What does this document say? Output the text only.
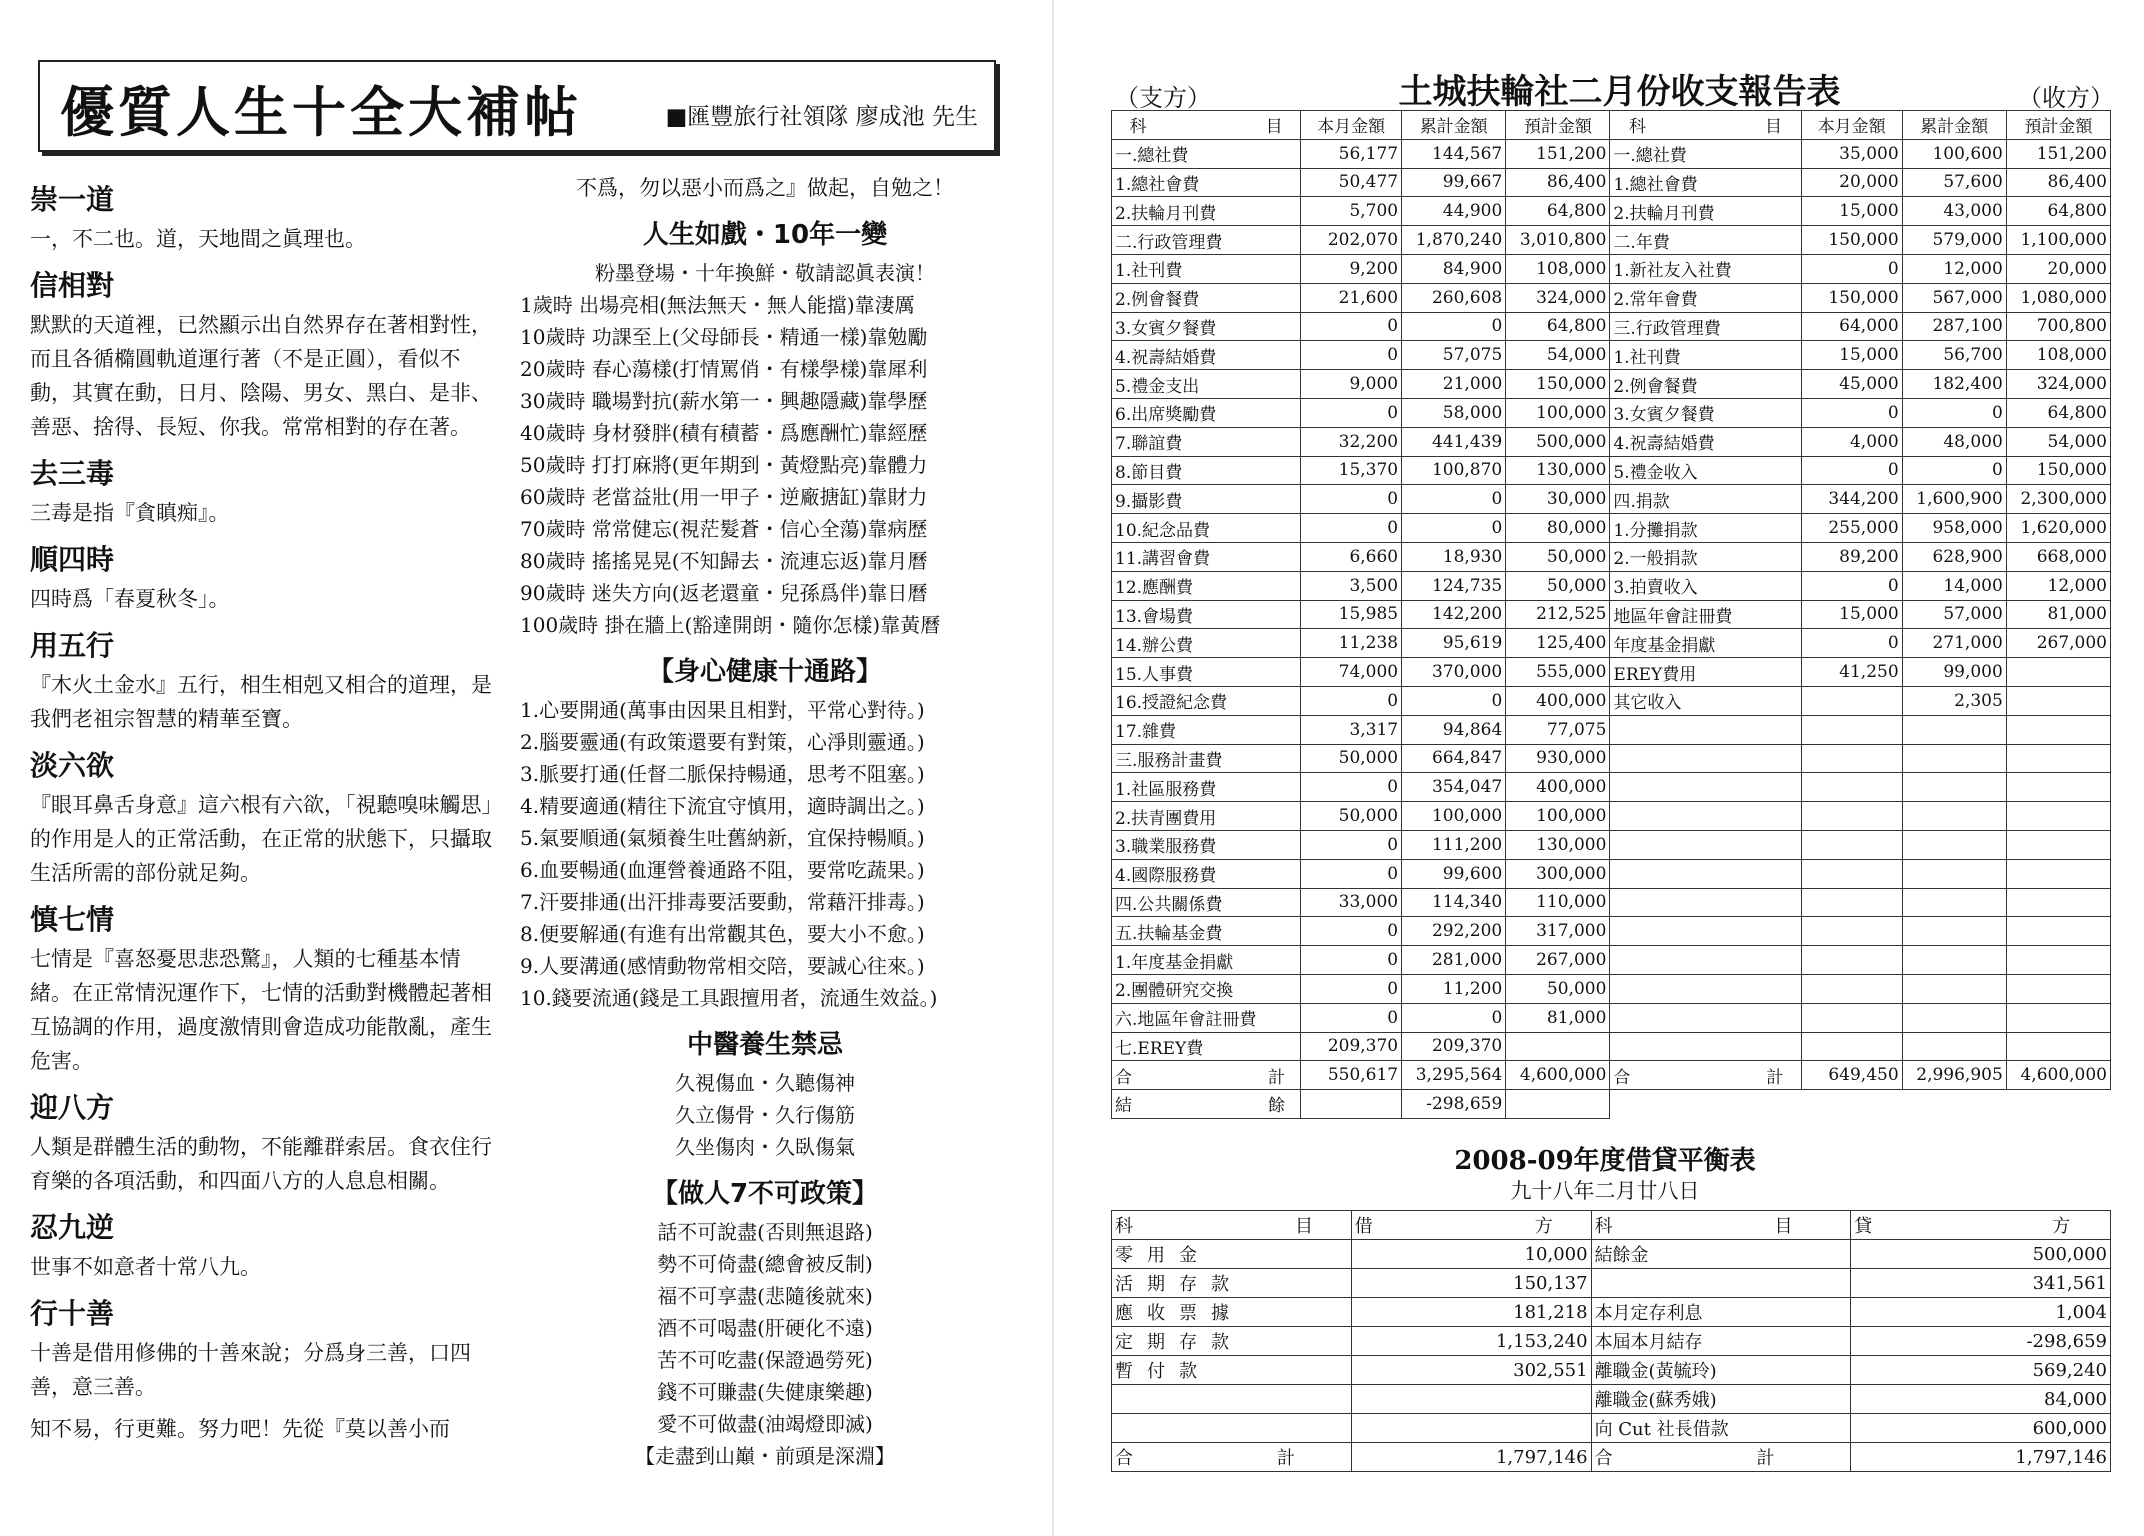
優質人生十全大補帖	■匯豐旅行社領隊 廖成池 先生
崇一道

一，不二也。道，天地間之眞理也。

信相對

默默的天道裡，已然顯示出自然界存在著相對性，而且各循橢圓軌道運行著（不是正圓），看似不動，其實在動，日月、陰陽、男女、黑白、是非、善惡、捨得、長短、你我。常常相對的存在著。

去三毒

三毒是指『貪瞋痴』。

順四時

四時爲「春夏秋冬」。

用五行

『木火土金水』五行，相生相剋又相合的道理，是我們老祖宗智慧的精華至寶。

淡六欲

『眼耳鼻舌身意』這六根有六欲，「視聽嗅味觸思」的作用是人的正常活動，在正常的狀態下，只攝取生活所需的部份就足夠。

慎七情

七情是『喜怒憂思悲恐驚』，人類的七種基本情緒。在正常情況運作下，七情的活動對機體起著相互協調的作用，過度激情則會造成功能散亂，產生危害。

迎八方

人類是群體生活的動物，不能離群索居。食衣住行育樂的各項活動，和四面八方的人息息相關。

忍九逆

世事不如意者十常八九。

行十善

十善是借用修佛的十善來說；分爲身三善，口四善，意三善。

知不易，行更難。努力吧！先從『莫以善小而

不爲，勿以惡小而爲之』做起，自勉之！
人生如戲・10年一變
粉墨登場・十年換鮮・敬請認眞表演！
1歲時 出場亮相(無法無天・無人能擋)靠淒厲
10歲時 功課至上(父母師長・精通一樣)靠勉勵
20歲時 春心蕩樣(打情罵俏・有樣學樣)靠犀利
30歲時 職場對抗(薪水第一・興趣隱藏)靠學歷
40歲時 身材發胖(積有積蓄・爲應酬忙)靠經歷
50歲時 打打麻將(更年期到・黃燈點亮)靠體力
60歲時 老當益壯(用一甲子・逆廠搪缸)靠財力
70歲時 常常健忘(視茫髮蒼・信心全蕩)靠病歷
80歲時 搖搖晃晃(不知歸去・流連忘返)靠月曆
90歲時 迷失方向(返老還童・兒孫爲伴)靠日曆
100歲時 掛在牆上(豁達開朗・隨你怎樣)靠黃曆
【身心健康十通路】
1.心要開通(萬事由因果且相對，平常心對待。)
2.腦要靈通(有政策還要有對策，心淨則靈通。)
3.脈要打通(任督二脈保持暢通，思考不阻塞。)
4.精要適通(精往下流宜守慎用，適時調出之。)
5.氣要順通(氣頻養生吐舊納新，宜保持暢順。)
6.血要暢通(血運營養通路不阻，要常吃蔬果。)
7.汗要排通(出汗排毒要活要動，常藉汗排毒。)
8.便要解通(有進有出常觀其色，要大小不愈。)
9.人要溝通(感情動物常相交陪，要誠心往來。)
10.錢要流通(錢是工具跟擅用者，流通生效益。)
中醫養生禁忌
久視傷血・久聽傷神
久立傷骨・久行傷筋
久坐傷肉・久臥傷氣
【做人7不可政策】
話不可說盡(否則無退路)
勢不可倚盡(總會被反制)
福不可享盡(悲隨後就來)
酒不可喝盡(肝硬化不遠)
苦不可吃盡(保證過勞死)
錢不可賺盡(失健康樂趣)
愛不可做盡(油竭燈即滅)
【走盡到山巔・前頭是深淵】
（支方）	土城扶輪社二月份收支報告表	（收方）
科　　　　　　　目	本月金額	累計金額	預計金額	科　　　　　　　目	本月金額	累計金額	預計金額
一.總社費	56,177	144,567	151,200	一.總社費	35,000	100,600	151,200
1.總社會費	50,477	99,667	86,400	1.總社會費	20,000	57,600	86,400
2.扶輪月刊費	5,700	44,900	64,800	2.扶輪月刊費	15,000	43,000	64,800
二.行政管理費	202,070	1,870,240	3,010,800	二.年費	150,000	579,000	1,100,000
1.社刊費	9,200	84,900	108,000	1.新社友入社費	0	12,000	20,000
2.例會餐費	21,600	260,608	324,000	2.常年會費	150,000	567,000	1,080,000
3.女賓夕餐費	0	0	64,800	三.行政管理費	64,000	287,100	700,800
4.祝壽結婚費	0	57,075	54,000	1.社刊費	15,000	56,700	108,000
5.禮金支出	9,000	21,000	150,000	2.例會餐費	45,000	182,400	324,000
6.出席獎勵費	0	58,000	100,000	3.女賓夕餐費	0	0	64,800
7.聯誼費	32,200	441,439	500,000	4.祝壽結婚費	4,000	48,000	54,000
8.節目費	15,370	100,870	130,000	5.禮金收入	0	0	150,000
9.攝影費	0	0	30,000	四.捐款	344,200	1,600,900	2,300,000
10.紀念品費	0	0	80,000	1.分攤捐款	255,000	958,000	1,620,000
11.講習會費	6,660	18,930	50,000	2.一般捐款	89,200	628,900	668,000
12.應酬費	3,500	124,735	50,000	3.拍賣收入	0	14,000	12,000
13.會場費	15,985	142,200	212,525	地區年會註冊費	15,000	57,000	81,000
14.辦公費	11,238	95,619	125,400	年度基金捐獻	0	271,000	267,000
15.人事費	74,000	370,000	555,000	EREY費用	41,250	99,000	
16.授證紀念費	0	0	400,000	其它收入		2,305	
17.雜費	3,317	94,864	77,075				
三.服務計畫費	50,000	664,847	930,000				
1.社區服務費	0	354,047	400,000				
2.扶青團費用	50,000	100,000	100,000				
3.職業服務費	0	111,200	130,000				
4.國際服務費	0	99,600	300,000				
四.公共關係費	33,000	114,340	110,000				
五.扶輪基金費	0	292,200	317,000				
1.年度基金捐獻	0	281,000	267,000				
2.團體研究交換	0	11,200	50,000				
六.地區年會註冊費	0	0	81,000				
七.EREY費	209,370	209,370					
合　　　　　　　　計	550,617	3,295,564	4,600,000	合　　　　　　　　計	649,450	2,996,905	4,600,000
結　　　　　　　　餘		-298,659					
2008-09年度借貸平衡表
九十八年二月廿八日
科　　　　　　　　　目	借　　　　　　　　　方	科　　　　　　　　　目	貸　　　　　　　　　　方
零用金	10,000	結餘金	500,000
活期存款	150,137		341,561
應收票據	181,218	本月定存利息	1,004
定期存款	1,153,240	本屆本月結存	-298,659
暫付款	302,551	離職金(黃毓玲)	569,240
		離職金(蘇秀娥)	84,000
		向 Cut 社長借款	600,000
合　　　　　　　　計	1,797,146	合　　　　　　　　計	1,797,146
